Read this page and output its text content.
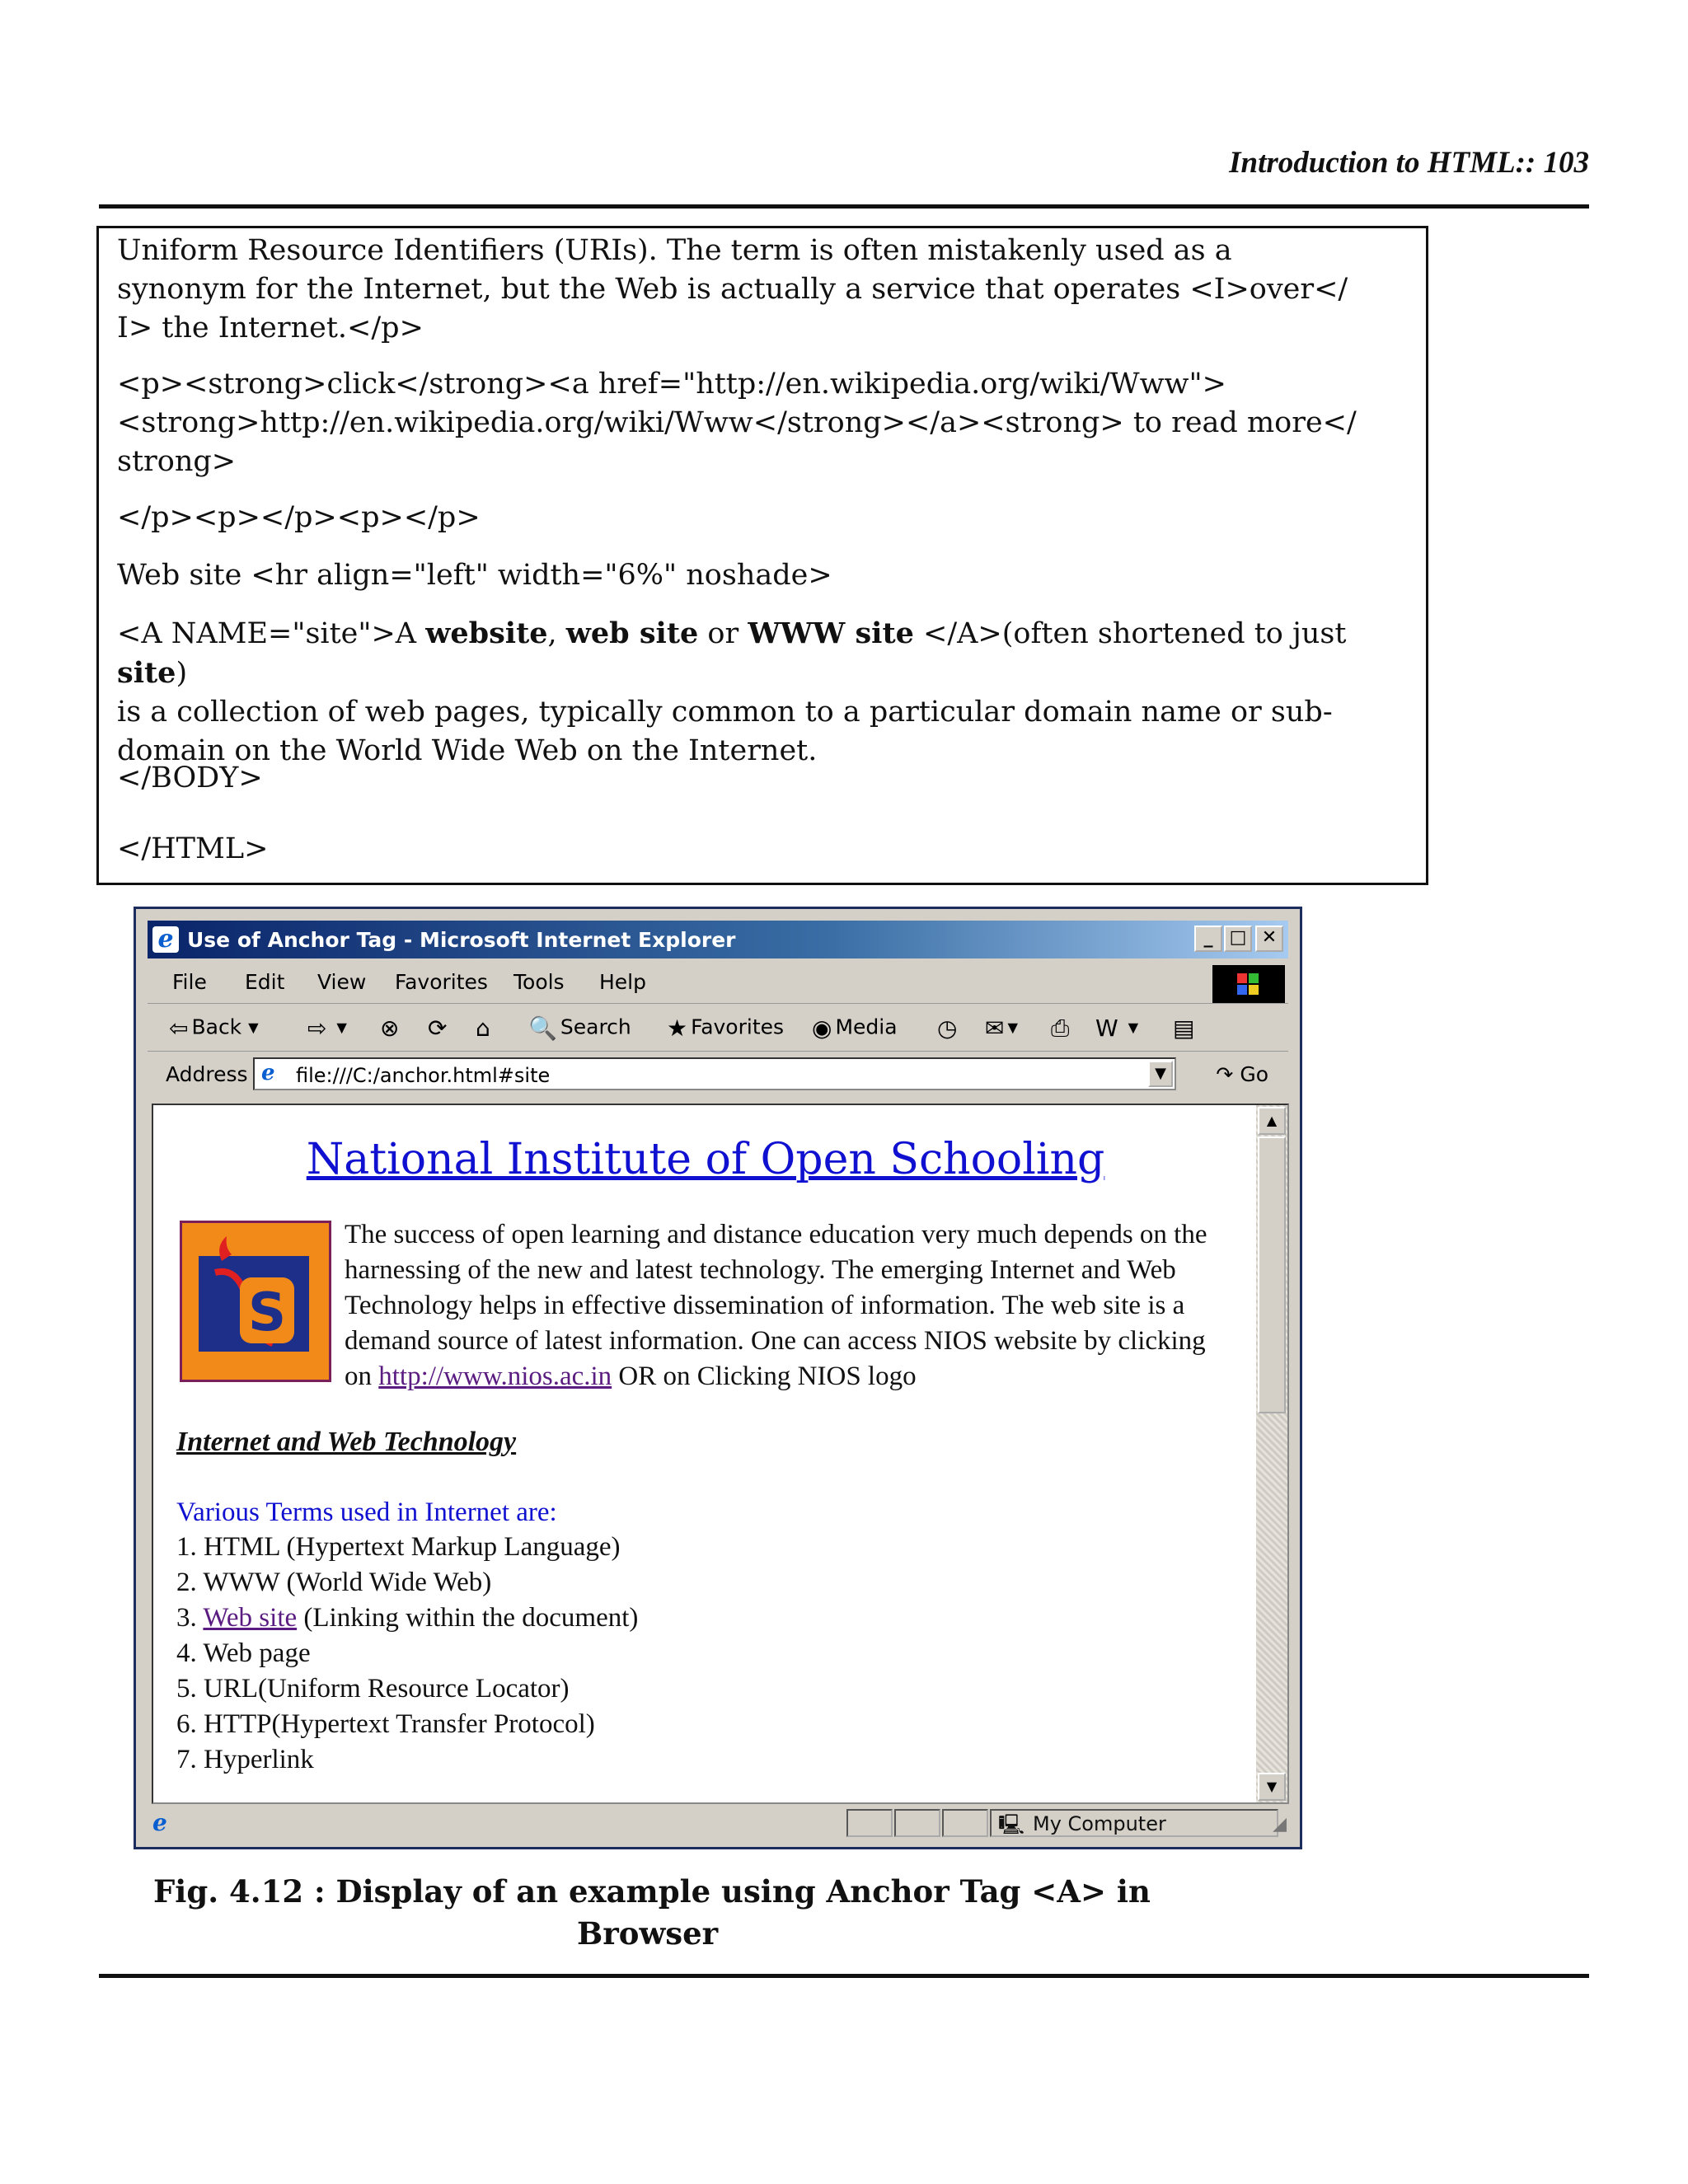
Introduction to HTML:: 103

Uniform Resource Identifiers (URIs). The term is often mistakenly used as a
synonym for the Internet, but the Web is actually a service that operates <I>over</
I> the Internet.</p>

<p><strong>click</strong><a href="http://en.wikipedia.org/wiki/Www">
<strong>http://en.wikipedia.org/wiki/Www</strong></a><strong> to read more</
strong>

</p><p></p><p></p>

Web site <hr align="left" width="6%" noshade>

<A NAME="site">A website, web site or WWW site </A>(often shortened to just site)
is a collection of web pages, typically common to a particular domain name or sub-
domain on the World Wide Web on the Internet.

</BODY>

</HTML>

e Use of Anchor Tag - Microsoft Internet Explorer	_ □ ✕
File Edit View Favorites Tools Help
⇦ Back ▾ ⇨ ▾ ⊗ ⟳ ⌂ 🔍 Search ★ Favorites ◉ Media ◷ ✉ ▾ ⎙ W ▾ ▤
Address e file:///C:/anchor.html#site	▼	↷ Go
National Institute of Open Schooling
S
The success of open learning and distance education very much depends on the harnessing of the new and latest technology. The emerging Internet and Web Technology helps in effective dissemination of information. The web site is a demand source of latest information. One can access NIOS website by clicking on http://www.nios.ac.in OR on Clicking NIOS logo
Internet and Web Technology
Various Terms used in Internet are:
1. HTML (Hypertext Markup Language)
2. WWW (World Wide Web)
3. Web site (Linking within the document)
4. Web page
5. URL(Uniform Resource Locator)
6. HTTP(Hypertext Transfer Protocol)
7. Hyperlink
▲
▼
e	🖳 My Computer	◢
Fig. 4.12 : Display of an example using Anchor Tag <A> in
Browser
